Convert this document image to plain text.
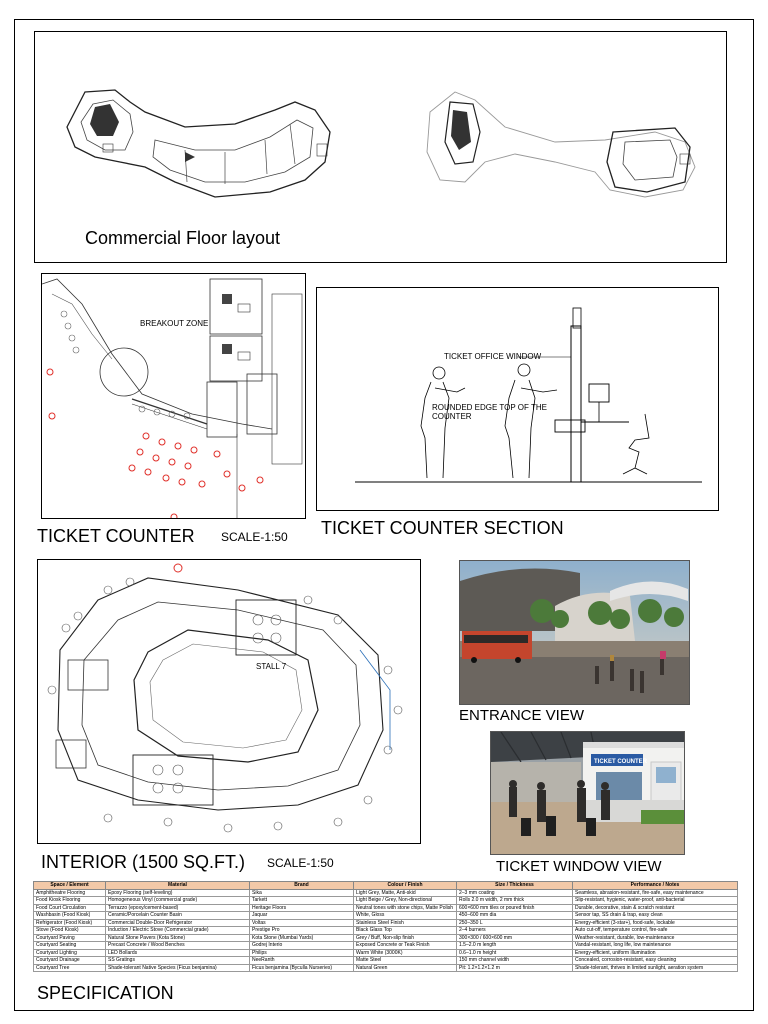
Commercial Floor layout
BREAKOUT ZONE
TICKET COUNTER SCALE-1:50
TICKET OFFICE WINDOW
ROUNDED EDGE TOP OF THE
COUNTER
TICKET COUNTER SECTION
STALL 7
INTERIOR (1500 SQ.FT.) SCALE-1:50
ENTRANCE VIEW
TICKET COUNTER
TICKET WINDOW VIEW
Space / Element	Material	Brand	Colour / Finish	Size / Thickness	Performance / Notes
Amphitheatre Flooring	Epoxy Flooring (self-leveling)	Sika	Light Grey, Matte, Anti-skid	2–3 mm coating	Seamless, abrasion-resistant, fire-safe, easy maintenance
Food Kiosk Flooring	Homogeneous Vinyl (commercial grade)	Tarkett	Light Beige / Grey, Non-directional	Rolls 2.0 m width, 2 mm thick	Slip-resistant, hygienic, water-proof, anti-bacterial
Food Court Circulation	Terrazzo (epoxy/cement-based)	Heritage Floors	Neutral tones with stone chips, Matte Polish	600×600 mm tiles or poured finish	Durable, decorative, stain & scratch resistant
Washbasin (Food Kiosk)	Ceramic/Porcelain Counter Basin	Jaquar	White, Gloss	450–600 mm dia	Sensor tap, SS drain & trap, easy clean
Refrigerator (Food Kiosk)	Commercial Double-Door Refrigerator	Voltas	Stainless Steel Finish	250–350 L	Energy-efficient (3-star+), food-safe, lockable
Stove (Food Kiosk)	Induction / Electric Stove (Commercial grade)	Prestige Pro	Black Glass Top	2–4 burners	Auto cut-off, temperature control, fire-safe
Courtyard Paving	Natural Stone Pavers (Kota Stone)	Kota Stone (Mumbai Yards)	Grey / Buff, Non-slip finish	300×300 / 600×600 mm	Weather-resistant, durable, low-maintenance
Courtyard Seating	Precast Concrete / Wood Benches	Godrej Interio	Exposed Concrete or Teak Finish	1.5–2.0 m length	Vandal-resistant, long life, low maintenance
Courtyard Lighting	LED Bollards	Philips	Warm White (3000K)	0.6–1.0 m height	Energy-efficient, uniform illumination
Courtyard Drainage	SS Gratings	NeeRanth	Matte Steel	150 mm channel width	Concealed, corrosion-resistant, easy cleaning
Courtyard Tree	Shade-tolerant Native Species (Ficus benjamina)	Ficus benjamina (Byculla Nurseries)	Natural Green	Pit: 1.2×1.2×1.2 m	Shade-tolerant, thrives in limited sunlight, aeration system
SPECIFICATION
